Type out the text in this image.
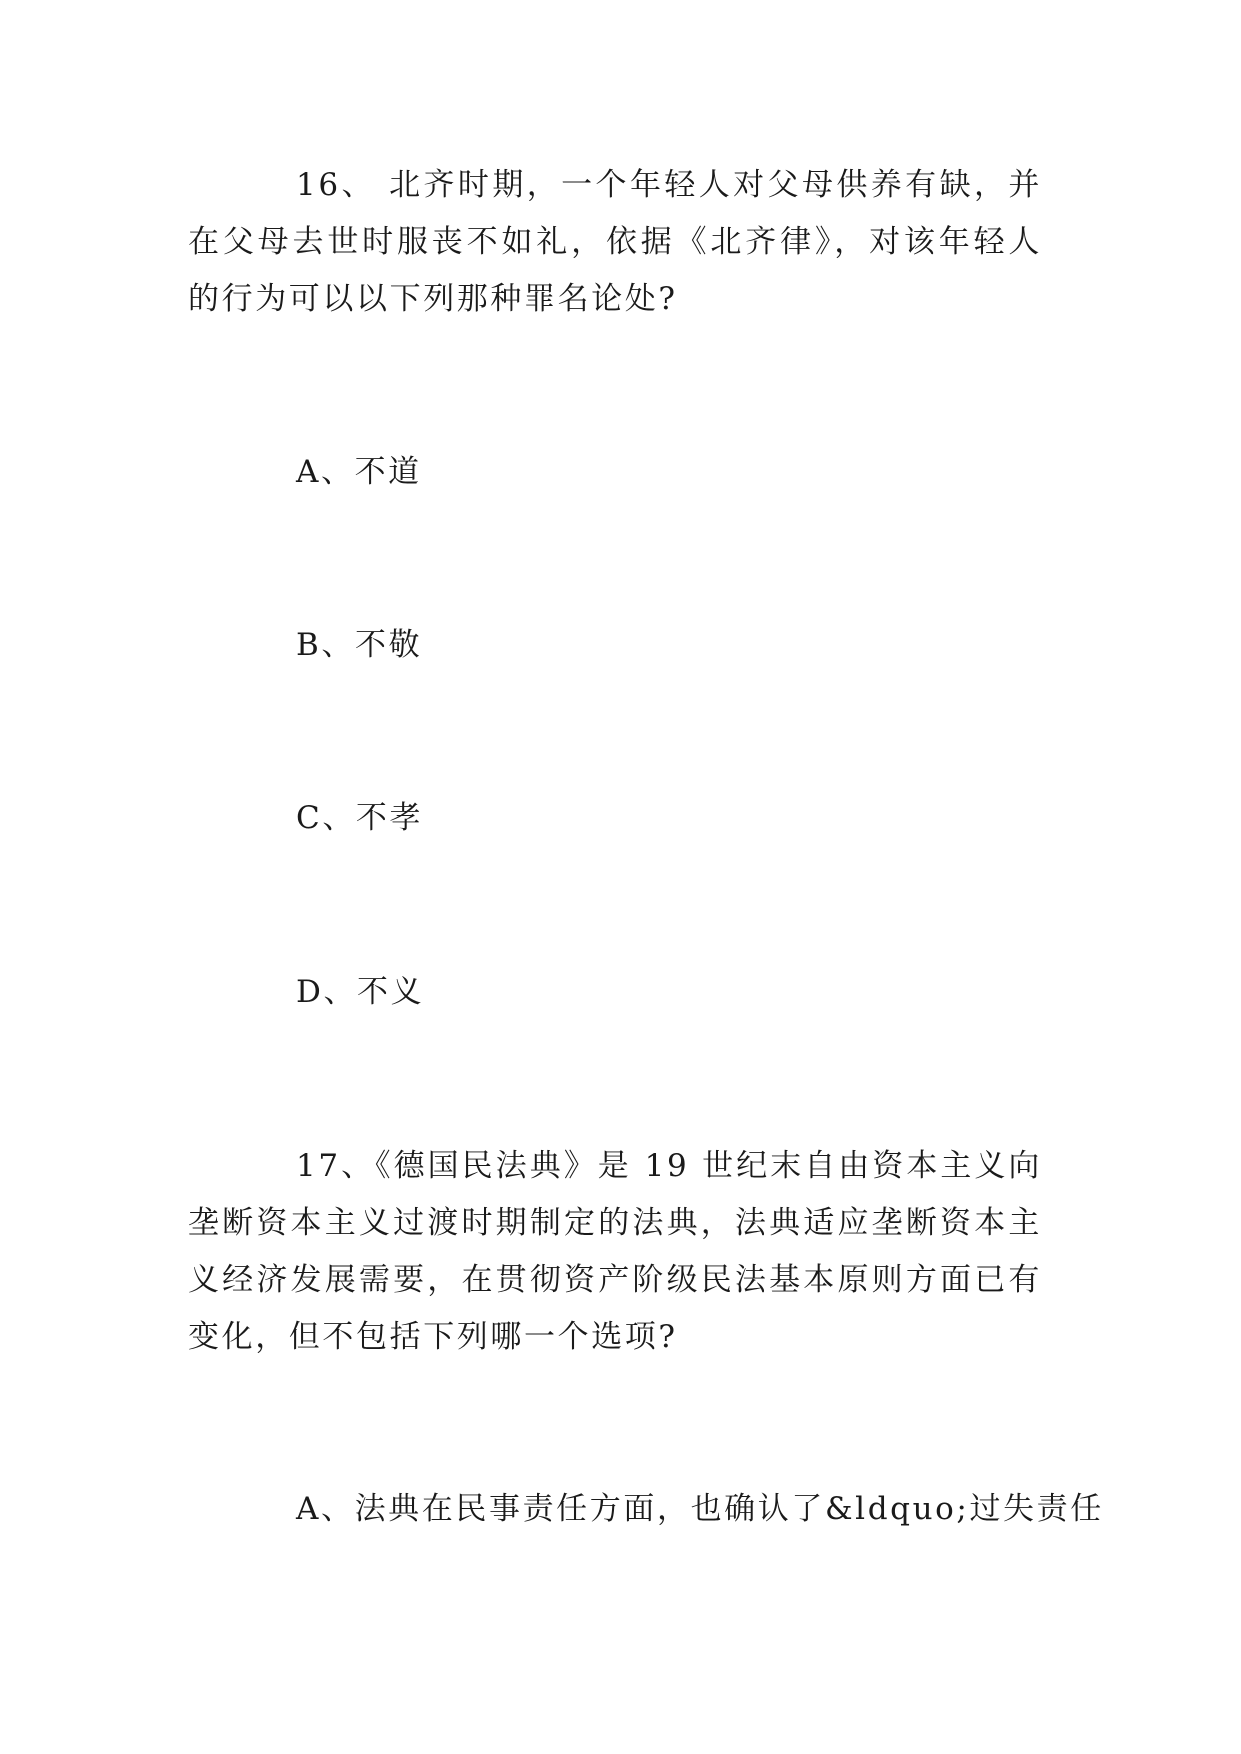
16、 北齐时期，一个年轻人对父母供养有缺，并在父母去世时服丧不如礼，依据《北齐律》，对该年轻人的行为可以以下列那种罪名论处?

A、不道

B、不敬

C、不孝

D、不义

17、《德国民法典》是 19 世纪末自由资本主义向垄断资本主义过渡时期制定的法典，法典适应垄断资本主义经济发展需要，在贯彻资产阶级民法基本原则方面已有变化，但不包括下列哪一个选项?

A、法典在民事责任方面，也确认了&ldquo;过失责任
